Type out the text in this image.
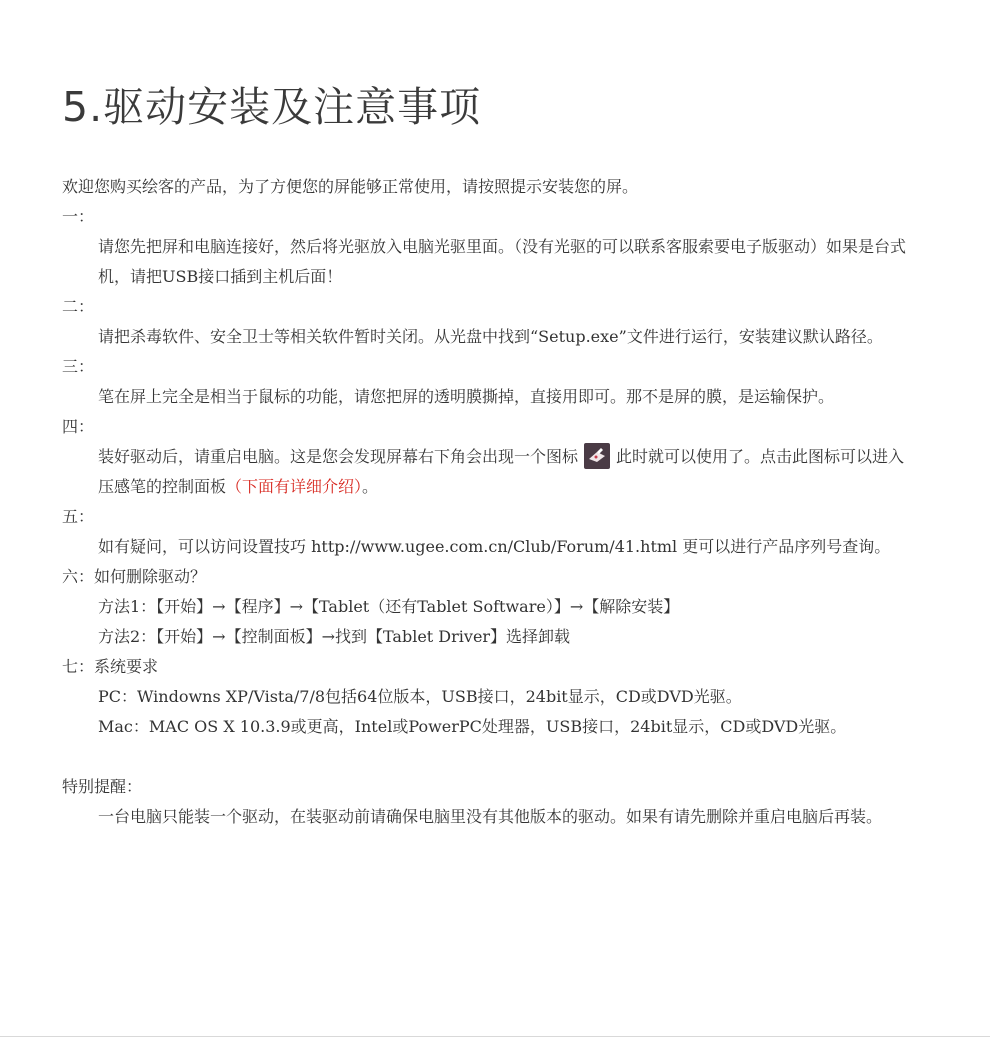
5.驱动安装及注意事项
欢迎您购买绘客的产品，为了方便您的屏能够正常使用，请按照提示安装您的屏。
一：
请您先把屏和电脑连接好，然后将光驱放入电脑光驱里面。（没有光驱的可以联系客服索要电子版驱动）如果是台式机，请把USB接口插到主机后面！
二：
请把杀毒软件、安全卫士等相关软件暂时关闭。从光盘中找到“Setup.exe”文件进行运行，安装建议默认路径。
三：
笔在屏上完全是相当于鼠标的功能，请您把屏的透明膜撕掉，直接用即可。那不是屏的膜，是运输保护。
四：
装好驱动后，请重启电脑。这是您会发现屏幕右下角会出现一个图标 此时就可以使用了。点击此图标可以进入压感笔的控制面板（下面有详细介绍）。
五：
如有疑问，可以访问设置技巧 http://www.ugee.com.cn/Club/Forum/41.html 更可以进行产品序列号查询。
六：如何删除驱动？
方法1：【开始】→【程序】→【Tablet（还有Tablet Software）】→【解除安装】
方法2：【开始】→【控制面板】→找到【Tablet Driver】选择卸载
七：系统要求
PC：Windowns XP/Vista/7/8包括64位版本，USB接口，24bit显示，CD或DVD光驱。
Mac：MAC OS X 10.3.9或更高，Intel或PowerPC处理器，USB接口，24bit显示，CD或DVD光驱。
特别提醒：
一台电脑只能装一个驱动，在装驱动前请确保电脑里没有其他版本的驱动。如果有请先删除并重启电脑后再装。
